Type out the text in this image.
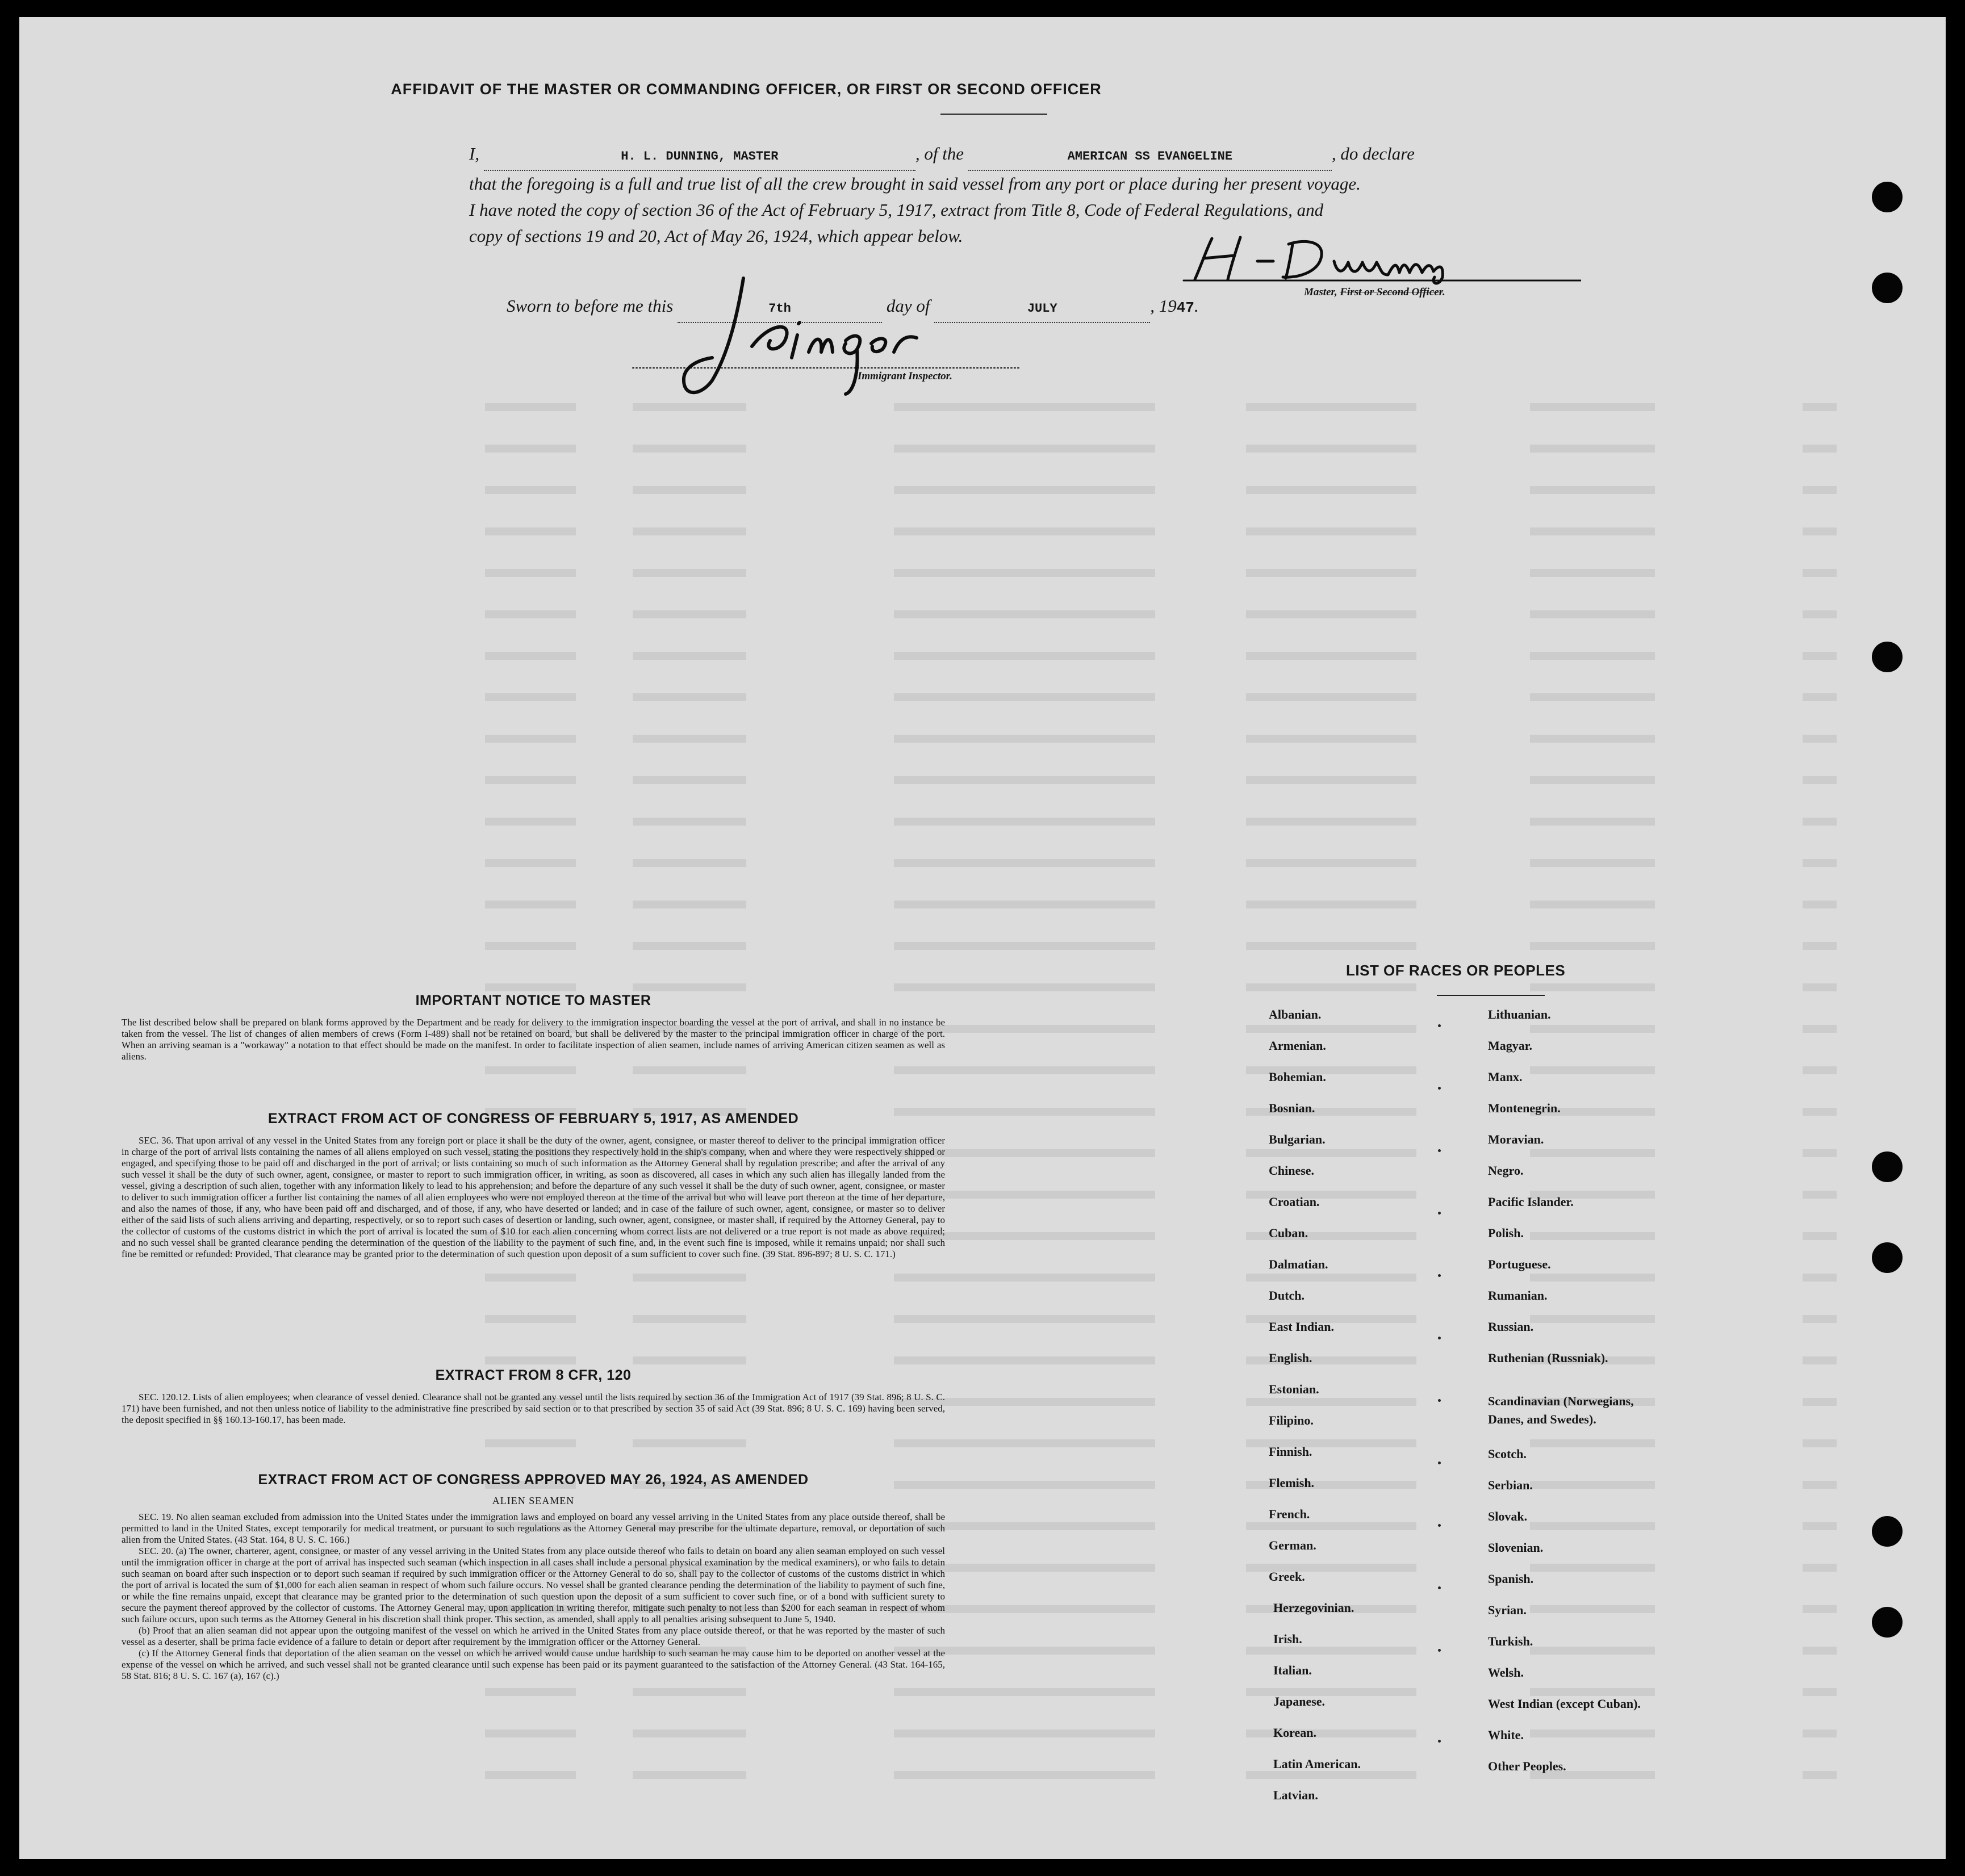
AFFIDAVIT OF THE MASTER OR COMMANDING OFFICER, OR FIRST OR SECOND OFFICER
I,	H. L. DUNNING, MASTER	, of the	AMERICAN SS EVANGELINE	, do declare
that the foregoing is a full and true list of all the crew brought in said vessel from any port or place during her present voyage.
I have noted the copy of section 36 of the Act of February 5, 1917, extract from Title 8, Code of Federal Regulations, and
copy of sections 19 and 20, Act of May 26, 1924, which appear below.
Master, First or Second Officer.
Sworn to before me this	7th	day of	JULY	, 1947.
Immigrant Inspector.
IMPORTANT NOTICE TO MASTER
The list described below shall be prepared on blank forms approved by the Department and be ready for delivery to the immigration inspector boarding the vessel at the port of arrival, and shall in no instance be taken from the vessel. The list of changes of alien members of crews (Form I-489) shall not be retained on board, but shall be delivered by the master to the principal immigration officer in charge of the port. When an arriving seaman is a "workaway" a notation to that effect should be made on the manifest. In order to facilitate inspection of alien seamen, include names of arriving American citizen seamen as well as aliens.
EXTRACT FROM ACT OF CONGRESS OF FEBRUARY 5, 1917, AS AMENDED
SEC. 36. That upon arrival of any vessel in the United States from any foreign port or place it shall be the duty of the owner, agent, consignee, or master thereof to deliver to the principal immigration officer in charge of the port of arrival lists containing the names of all aliens employed on such vessel, stating the positions they respectively hold in the ship's company, when and where they were respectively shipped or engaged, and specifying those to be paid off and discharged in the port of arrival; or lists containing so much of such information as the Attorney General shall by regulation prescribe; and after the arrival of any such vessel it shall be the duty of such owner, agent, consignee, or master to report to such immigration officer, in writing, as soon as discovered, all cases in which any such alien has illegally landed from the vessel, giving a description of such alien, together with any information likely to lead to his apprehension; and before the departure of any such vessel it shall be the duty of such owner, agent, consignee, or master to deliver to such immigration officer a further list containing the names of all alien employees who were not employed thereon at the time of the arrival but who will leave port thereon at the time of her departure, and also the names of those, if any, who have been paid off and discharged, and of those, if any, who have deserted or landed; and in case of the failure of such owner, agent, consignee, or master so to deliver either of the said lists of such aliens arriving and departing, respectively, or so to report such cases of desertion or landing, such owner, agent, consignee, or master shall, if required by the Attorney General, pay to the collector of customs of the customs district in which the port of arrival is located the sum of $10 for each alien concerning whom correct lists are not delivered or a true report is not made as above required; and no such vessel shall be granted clearance pending the determination of the question of the liability to the payment of such fine, and, in the event such fine is imposed, while it remains unpaid; nor shall such fine be remitted or refunded: Provided, That clearance may be granted prior to the determination of such question upon deposit of a sum sufficient to cover such fine. (39 Stat. 896-897; 8 U. S. C. 171.)
EXTRACT FROM 8 CFR, 120
SEC. 120.12. Lists of alien employees; when clearance of vessel denied. Clearance shall not be granted any vessel until the lists required by section 36 of the Immigration Act of 1917 (39 Stat. 896; 8 U. S. C. 171) have been furnished, and not then unless notice of liability to the administrative fine prescribed by said section or to that prescribed by section 35 of said Act (39 Stat. 896; 8 U. S. C. 169) having been served, the deposit specified in §§ 160.13-160.17, has been made.
EXTRACT FROM ACT OF CONGRESS APPROVED MAY 26, 1924, AS AMENDED
ALIEN SEAMEN
SEC. 19. No alien seaman excluded from admission into the United States under the immigration laws and employed on board any vessel arriving in the United States from any place outside thereof, shall be permitted to land in the United States, except temporarily for medical treatment, or pursuant to such regulations as the Attorney General may prescribe for the ultimate departure, removal, or deportation of such alien from the United States. (43 Stat. 164, 8 U. S. C. 166.)
SEC. 20. (a) The owner, charterer, agent, consignee, or master of any vessel arriving in the United States from any place outside thereof who fails to detain on board any alien seaman employed on such vessel until the immigration officer in charge at the port of arrival has inspected such seaman (which inspection in all cases shall include a personal physical examination by the medical examiners), or who fails to detain such seaman on board after such inspection or to deport such seaman if required by such immigration officer or the Attorney General to do so, shall pay to the collector of customs of the customs district in which the port of arrival is located the sum of $1,000 for each alien seaman in respect of whom such failure occurs. No vessel shall be granted clearance pending the determination of the liability to payment of such fine, or while the fine remains unpaid, except that clearance may be granted prior to the determination of such question upon the deposit of a sum sufficient to cover such fine, or of a bond with sufficient surety to secure the payment thereof approved by the collector of customs. The Attorney General may, upon application in writing therefor, mitigate such penalty to not less than $200 for each seaman in respect of whom such failure occurs, upon such terms as the Attorney General in his discretion shall think proper. This section, as amended, shall apply to all penalties arising subsequent to June 5, 1940.
(b) Proof that an alien seaman did not appear upon the outgoing manifest of the vessel on which he arrived in the United States from any place outside thereof, or that he was reported by the master of such vessel as a deserter, shall be prima facie evidence of a failure to detain or deport after requirement by the immigration officer or the Attorney General.
(c) If the Attorney General finds that deportation of the alien seaman on the vessel on which he arrived would cause undue hardship to such seaman he may cause him to be deported on another vessel at the expense of the vessel on which he arrived, and such vessel shall not be granted clearance until such expense has been paid or its payment guaranteed to the satisfaction of the Attorney General. (43 Stat. 164-165, 58 Stat. 816; 8 U. S. C. 167 (a), 167 (c).)
LIST OF RACES OR PEOPLES
Albanian.
Armenian.
Bohemian.
Bosnian.
Bulgarian.
Chinese.
Croatian.
Cuban.
Dalmatian.
Dutch.
East Indian.
English.
Estonian.
Filipino.
Finnish.
Flemish.
French.
German.
Greek.
Herzegovinian.
Irish.
Italian.
Japanese.
Korean.
Latin American.
Latvian.
Lithuanian.
Magyar.
Manx.
Montenegrin.
Moravian.
Negro.
Pacific Islander.
Polish.
Portuguese.
Rumanian.
Russian.
Ruthenian (Russniak).
Scandinavian (Norwegians,
Danes, and Swedes).
Scotch.
Serbian.
Slovak.
Slovenian.
Spanish.
Syrian.
Turkish.
Welsh.
West Indian (except Cuban).
White.
Other Peoples.
